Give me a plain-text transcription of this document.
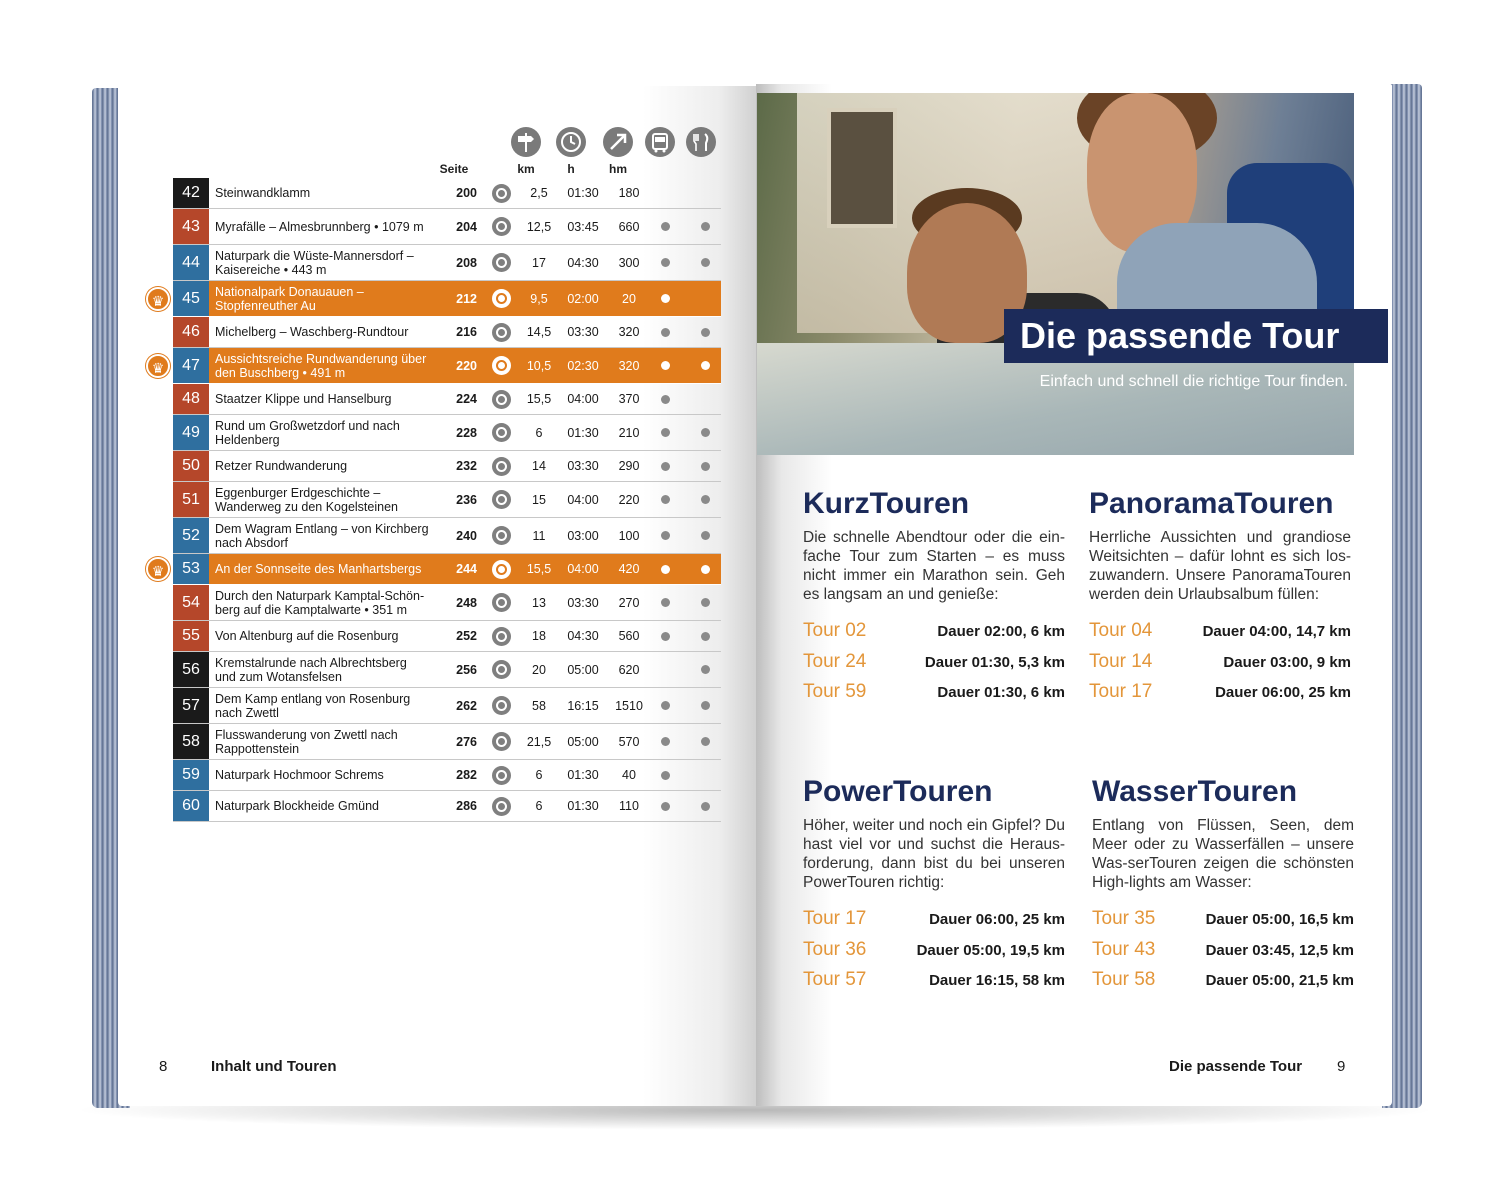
Seite	km	h	hm
42	Steinwandklamm	200	2,5	01:30	180
43	Myrafälle – Almesbrunnberg • 1079 m	204	12,5	03:45	660
44	Naturpark die Wüste-Mannersdorf – Kaisereiche • 443 m	208	17	04:30	300
45	Nationalpark Donauauen – Stopfenreuther Au	212	9,5	02:00	20
♛
46	Michelberg – Waschberg-Rundtour	216	14,5	03:30	320
47	Aussichtsreiche Rundwanderung über den Buschberg • 491 m	220	10,5	02:30	320
♛
48	Staatzer Klippe und Hanselburg	224	15,5	04:00	370
49	Rund um Großwetzdorf und nach Heldenberg	228	6	01:30	210
50	Retzer Rundwanderung	232	14	03:30	290
51	Eggenburger Erdgeschichte – Wanderweg zu den Kogelsteinen	236	15	04:00	220
52	Dem Wagram Entlang – von Kirchberg nach Absdorf	240	11	03:00	100
53	An der Sonnseite des Manhartsbergs	244	15,5	04:00	420
♛
54	Durch den Naturpark Kamptal-Schön-berg auf die Kamptalwarte • 351 m	248	13	03:30	270
55	Von Altenburg auf die Rosenburg	252	18	04:30	560
56	Kremstalrunde nach Albrechtsberg und zum Wotansfelsen	256	20	05:00	620
57	Dem Kamp entlang von Rosenburg nach Zwettl	262	58	16:15	1510
58	Flusswanderung von Zwettl nach Rappottenstein	276	21,5	05:00	570
59	Naturpark Hochmoor Schrems	282	6	01:30	40
60	Naturpark Blockheide Gmünd	286	6	01:30	110
8	Inhalt und Touren
Die passende Tour
Einfach und schnell die richtige Tour finden.
KurzTouren

Die schnelle Abendtour oder die ein-fache Tour zum Starten – es muss nicht immer ein Marathon sein. Geh es langsam an und genieße:

Tour 02	Dauer 02:00, 6 km
Tour 24	Dauer 01:30, 5,3 km
Tour 59	Dauer 01:30, 6 km
PanoramaTouren

Herrliche Aussichten und grandiose Weitsichten – dafür lohnt es sich los-zuwandern. Unsere PanoramaTouren werden dein Urlaubsalbum füllen:

Tour 04	Dauer 04:00, 14,7 km
Tour 14	Dauer 03:00, 9 km
Tour 17	Dauer 06:00, 25 km
PowerTouren

Höher, weiter und noch ein Gipfel? Du hast viel vor und suchst die Heraus-forderung, dann bist du bei unseren PowerTouren richtig:

Tour 17	Dauer 06:00, 25 km
Tour 36	Dauer 05:00, 19,5 km
Tour 57	Dauer 16:15, 58 km
WasserTouren

Entlang von Flüssen, Seen, dem Meer oder zu Wasserfällen – unsere Was-serTouren zeigen die schönsten High-lights am Wasser:

Tour 35	Dauer 05:00, 16,5 km
Tour 43	Dauer 03:45, 12,5 km
Tour 58	Dauer 05:00, 21,5 km
Die passende Tour 9
